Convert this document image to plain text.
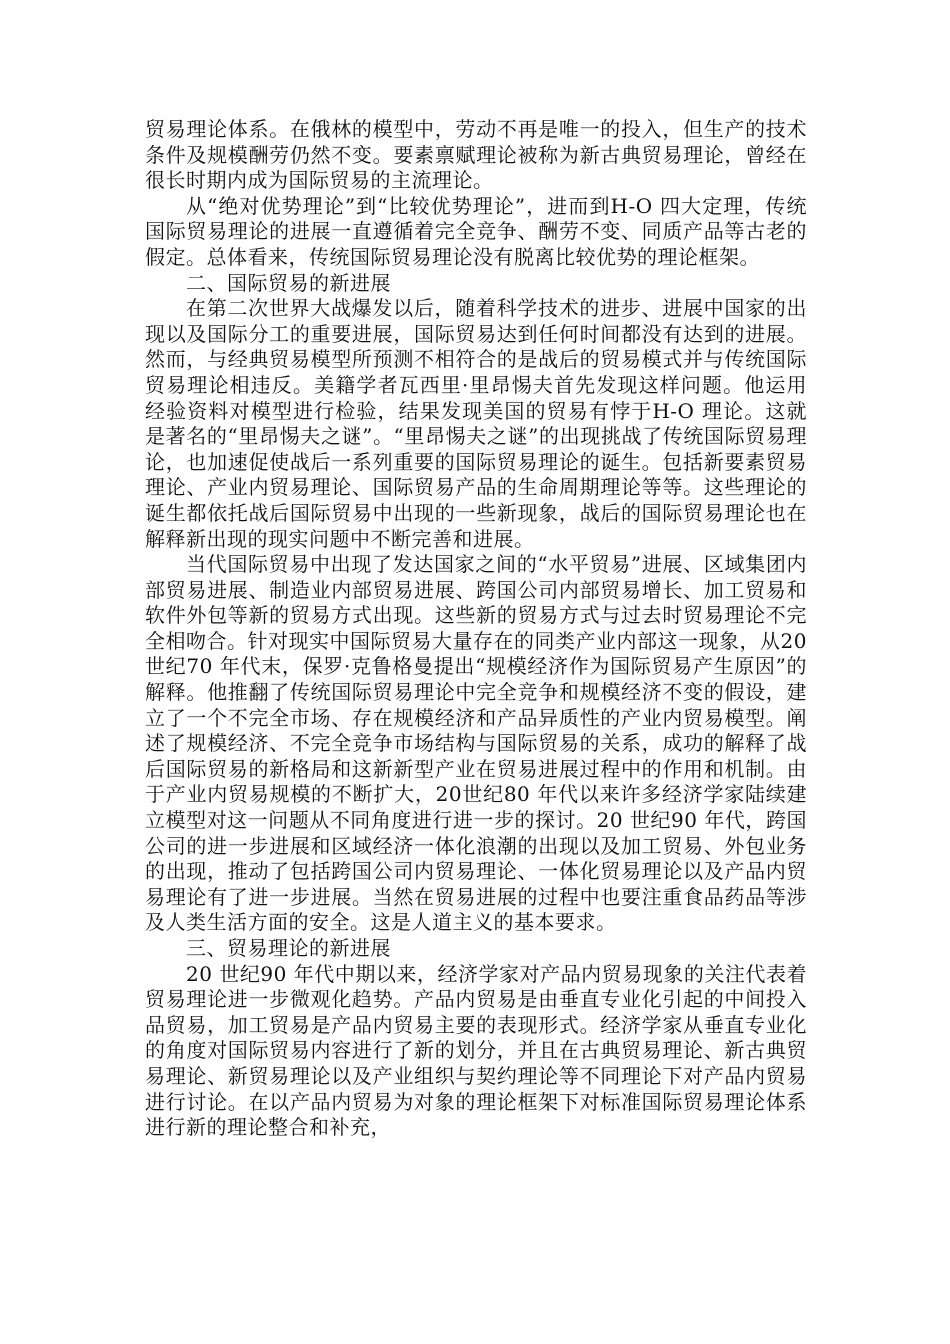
贸易理论体系。在俄林的模型中，劳动不再是唯一的投入，但生产的技术条件及规模酬劳仍然不变。要素禀赋理论被称为新古典贸易理论，曾经在很长时期内成为国际贸易的主流理论。

从“绝对优势理论”到“比较优势理论”，进而到H-O 四大定理，传统国际贸易理论的进展一直遵循着完全竞争、酬劳不变、同质产品等古老的假定。总体看来，传统国际贸易理论没有脱离比较优势的理论框架。

二、国际贸易的新进展

在第二次世界大战爆发以后，随着科学技术的进步、进展中国家的出现以及国际分工的重要进展，国际贸易达到任何时间都没有达到的进展。然而，与经典贸易模型所预测不相符合的是战后的贸易模式并与传统国际贸易理论相违反。美籍学者瓦西里·里昂惕夫首先发现这样问题。他运用经验资料对模型进行检验，结果发现美国的贸易有悖于H-O 理论。这就是著名的“里昂惕夫之谜”。“里昂惕夫之谜”的出现挑战了传统国际贸易理论，也加速促使战后一系列重要的国际贸易理论的诞生。包括新要素贸易理论、产业内贸易理论、国际贸易产品的生命周期理论等等。这些理论的诞生都依托战后国际贸易中出现的一些新现象，战后的国际贸易理论也在解释新出现的现实问题中不断完善和进展。

当代国际贸易中出现了发达国家之间的“水平贸易”进展、区域集团内部贸易进展、制造业内部贸易进展、跨国公司内部贸易增长、加工贸易和软件外包等新的贸易方式出现。这些新的贸易方式与过去时贸易理论不完全相吻合。针对现实中国际贸易大量存在的同类产业内部这一现象，从20 世纪70 年代末，保罗·克鲁格曼提出“规模经济作为国际贸易产生原因”的解释。他推翻了传统国际贸易理论中完全竞争和规模经济不变的假设，建立了一个不完全市场、存在规模经济和产品异质性的产业内贸易模型。阐述了规模经济、不完全竞争市场结构与国际贸易的关系，成功的解释了战后国际贸易的新格局和这新新型产业在贸易进展过程中的作用和机制。由于产业内贸易规模的不断扩大，20世纪80 年代以来许多经济学家陆续建立模型对这一问题从不同角度进行进一步的探讨。20 世纪90 年代，跨国公司的进一步进展和区域经济一体化浪潮的出现以及加工贸易、外包业务的出现，推动了包括跨国公司内贸易理论、一体化贸易理论以及产品内贸易理论有了进一步进展。当然在贸易进展的过程中也要注重食品药品等涉及人类生活方面的安全。这是人道主义的基本要求。

三、贸易理论的新进展

20 世纪90 年代中期以来，经济学家对产品内贸易现象的关注代表着贸易理论进一步微观化趋势。产品内贸易是由垂直专业化引起的中间投入品贸易，加工贸易是产品内贸易主要的表现形式。经济学家从垂直专业化的角度对国际贸易内容进行了新的划分，并且在古典贸易理论、新古典贸易理论、新贸易理论以及产业组织与契约理论等不同理论下对产品内贸易进行讨论。在以产品内贸易为对象的理论框架下对标准国际贸易理论体系进行新的理论整合和补充，
